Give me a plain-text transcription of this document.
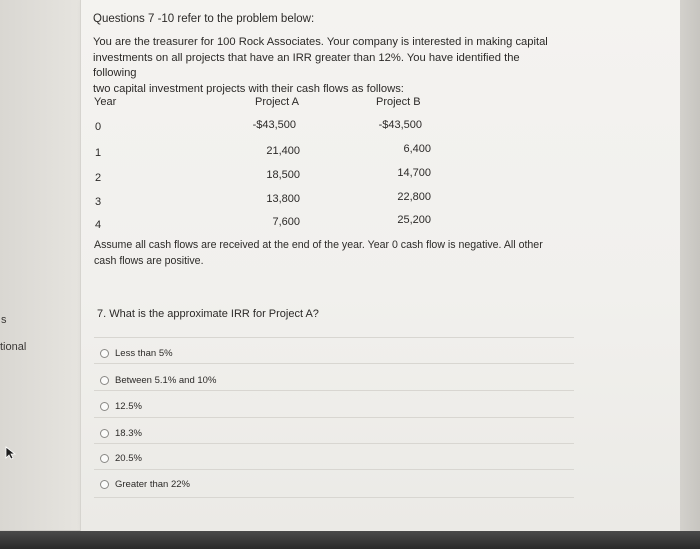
s
tional
Questions 7 -10 refer to the problem below:
You are the treasurer for 100 Rock Associates. Your company is interested in making capital
investments on all projects that have an IRR greater than 12%. You have identified the following
two capital investment projects with their cash flows as follows:
Year	Project A	Project B
0	-$43,500	-$43,500
1	21,400	6,400
2	18,500	14,700
3	13,800	22,800
4	7,600	25,200
Assume all cash flows are received at the end of the year. Year 0 cash flow is negative. All other
cash flows are positive.
7. What is the approximate IRR for Project A?
Less than 5%
Between 5.1% and 10%
12.5%
18.3%
20.5%
Greater than 22%
